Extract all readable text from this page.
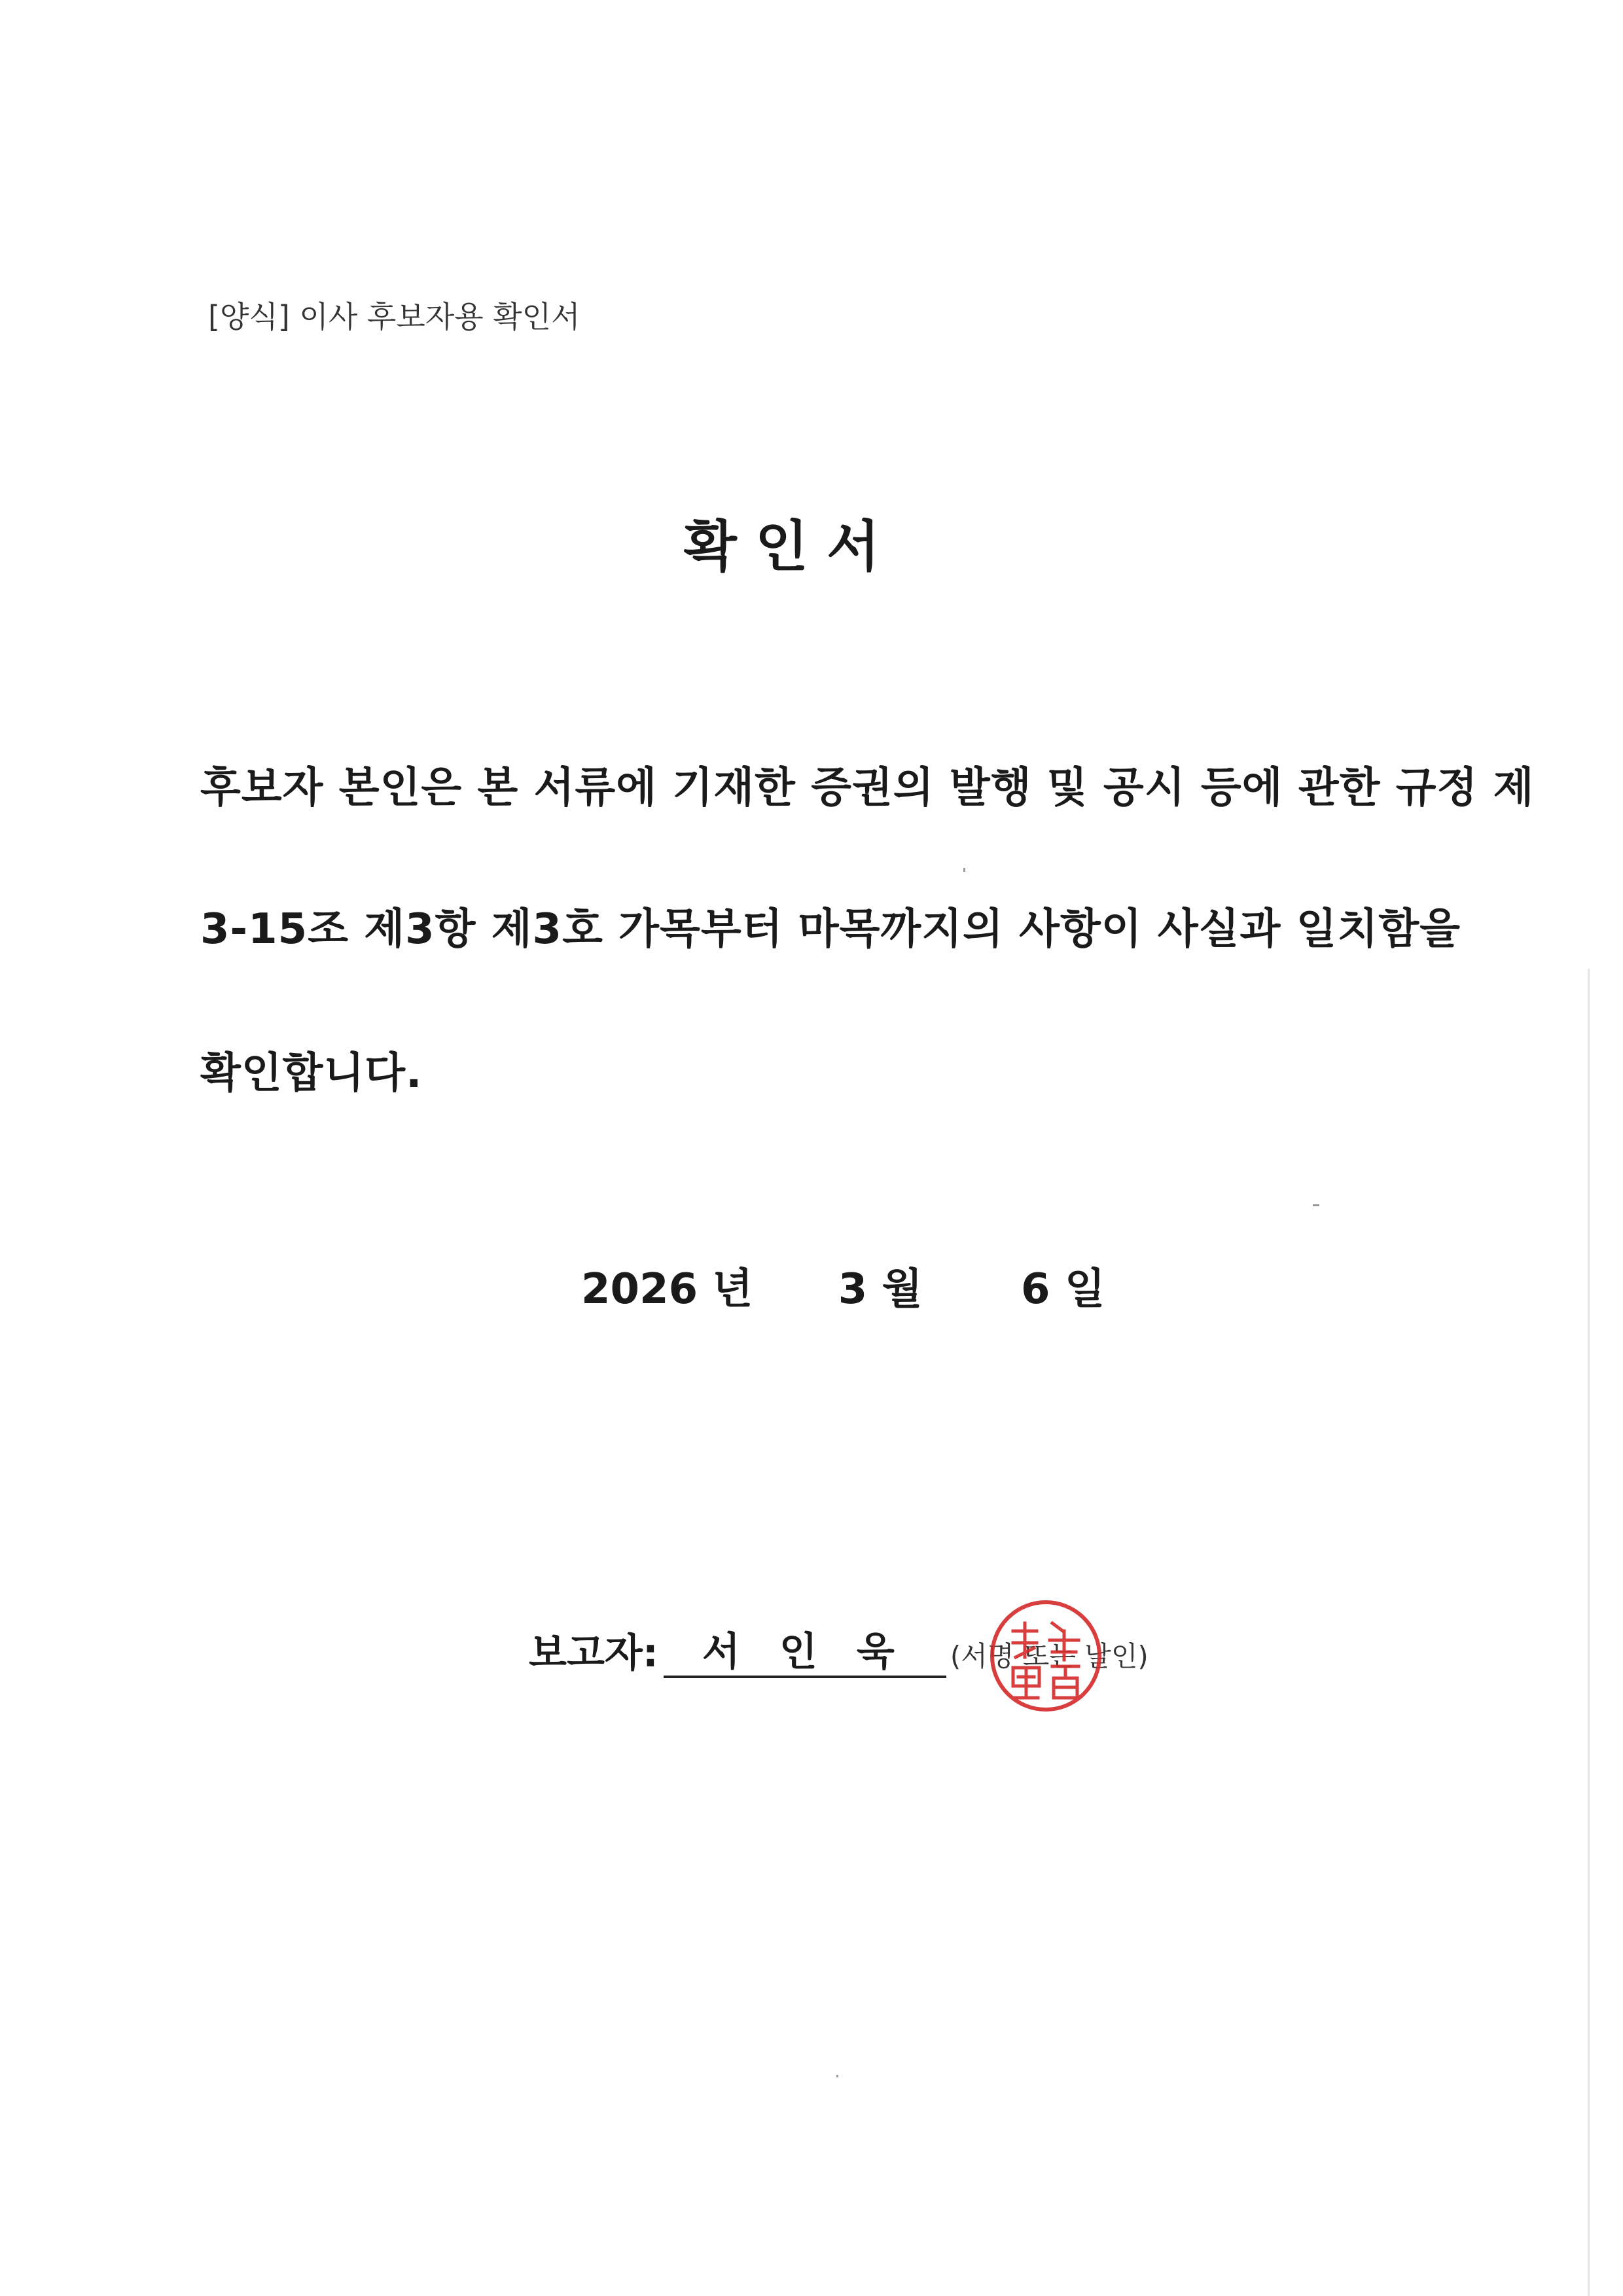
[양식] 이사 후보자용 확인서
확인서
후보자 본인은 본 서류에 기재한 증권의 발행 및 공시 등에 관한 규정 제
3-15조 제3항 제3호 가목부터 마목까지의 사항이 사실과 일치함을
확인합니다.
2026 년 3 월 6 일
보고자:	서인욱 (서명 또는 날인)
